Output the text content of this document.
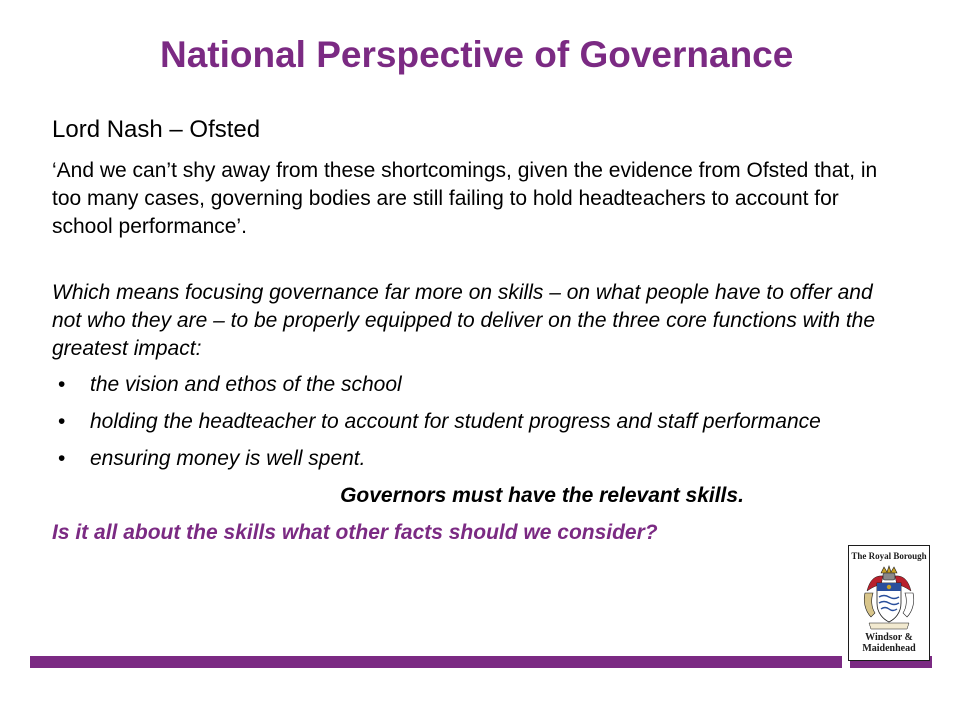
National Perspective of Governance
Lord Nash – Ofsted
‘And we can’t shy away from these shortcomings, given the evidence from Ofsted that, in too many cases, governing bodies are still failing to hold headteachers to account for school performance’.
Which means focusing governance far more on skills – on what people have to offer and not who they are – to be properly equipped to deliver on the three core functions with the greatest impact:
• the vision and ethos of the school
• holding the headteacher to account for student progress and staff performance
• ensuring money is well spent.
Governors must have the relevant skills.
Is it all about the skills what other facts should we consider?
The Royal Borough
Windsor &
Maidenhead
